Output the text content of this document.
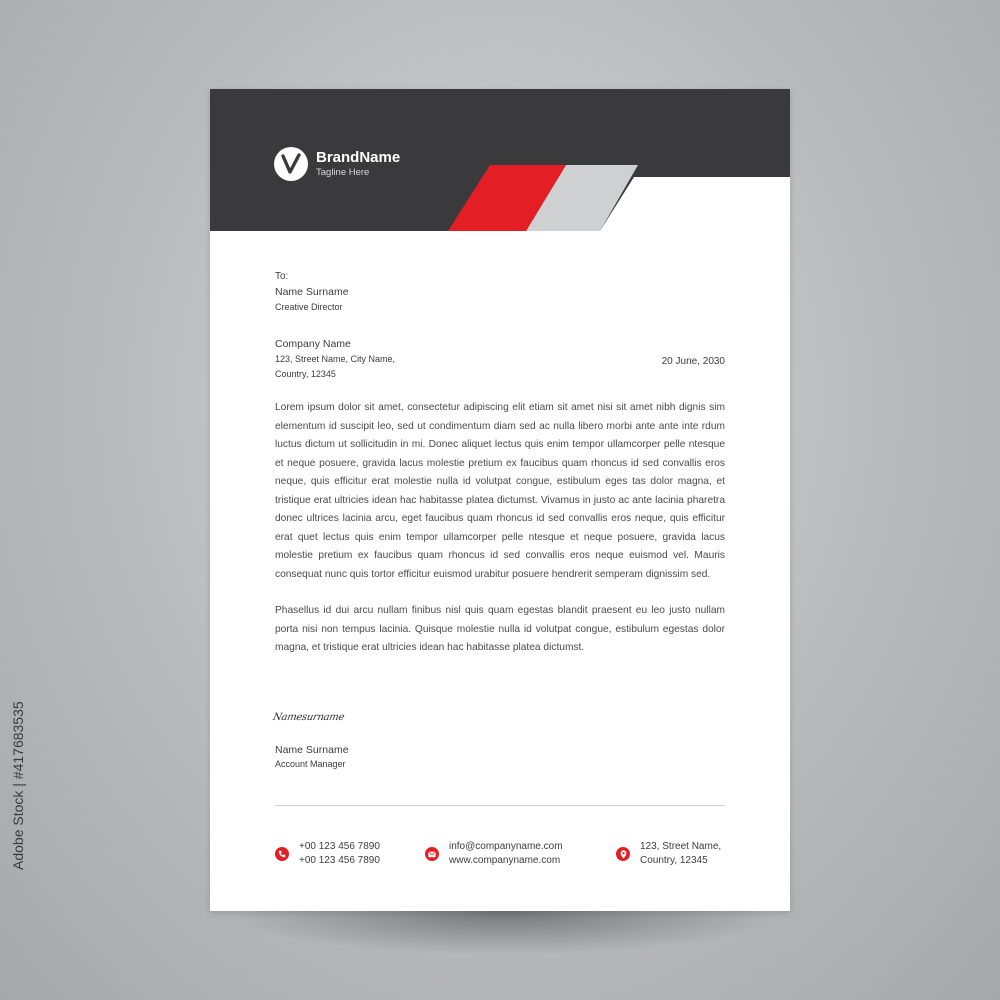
BrandName
Tagline Here
To:
Name Surname
Creative Director
Company Name
123, Street Name, City Name,
Country, 12345
20 June, 2030

Lorem ipsum dolor sit amet, consectetur adipiscing elit etiam sit amet nisi sit amet nibh dignis sim elementum id suscipit leo, sed ut condimentum diam sed ac nulla libero morbi ante ante inte rdum luctus dictum ut sollicitudin in mi. Donec aliquet lectus quis enim tempor ullamcorper pelle ntesque et neque posuere, gravida lacus molestie pretium ex faucibus quam rhoncus id sed convallis eros neque, quis efficitur erat molestie nulla id volutpat congue, estibulum eges tas dolor magna, et tristique erat ultricies idean hac habitasse platea dictumst. Vivamus in justo ac ante lacinia pharetra donec ultrices lacinia arcu, eget faucibus quam rhoncus id sed convallis eros neque, quis efficitur erat quet lectus quis enim tempor ullamcorper pelle ntesque et neque posuere, gravida lacus molestie pretium ex faucibus quam rhoncus id sed convallis eros neque euismod vel. Mauris consequat nunc quis tortor efficitur euismod urabitur posuere hendrerit semperam dignissim sed.

Phasellus id dui arcu nullam finibus nisl quis quam egestas blandit praesent eu leo justo nullam porta nisi non tempus lacinia. Quisque molestie nulla id volutpat congue, estibulum egestas dolor magna, et tristique erat ultricies idean hac habitasse platea dictumst.

Namesurname
Name Surname
Account Manager
+00 123 456 7890
+00 123 456 7890
info@companyname.com
www.companyname.com
123, Street Name,
Country, 12345
Adobe Stock | #417683535
